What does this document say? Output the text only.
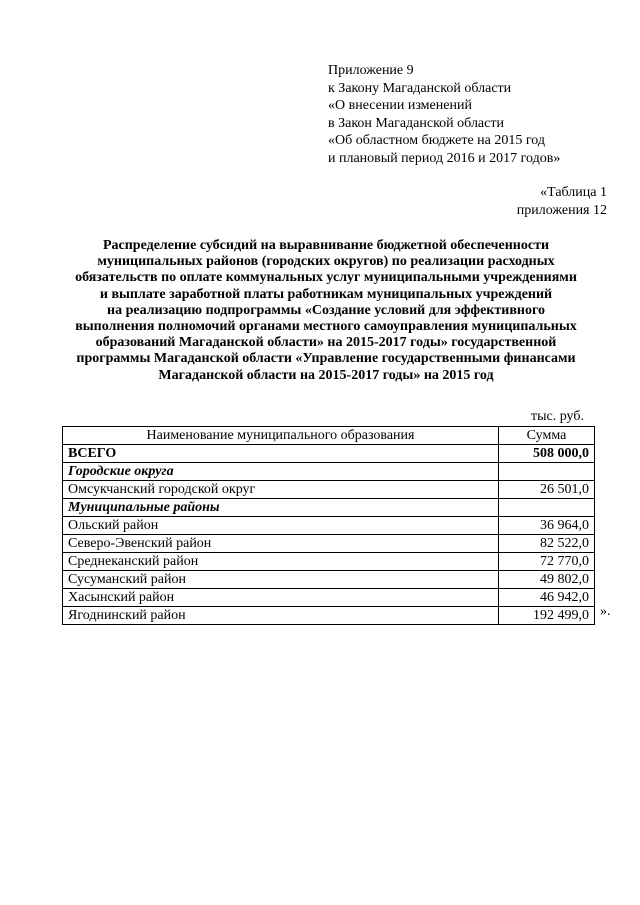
Приложение 9
к Закону Магаданской области
«О внесении изменений
в Закон Магаданской области
«Об областном бюджете на 2015 год
и плановый период 2016 и 2017 годов»
«Таблица 1
приложения 12
Распределение субсидий на выравнивание бюджетной обеспеченности
муниципальных районов (городских округов) по реализации расходных
обязательств по оплате коммунальных услуг муниципальными учреждениями
и выплате заработной платы работникам муниципальных учреждений
на реализацию подпрограммы «Создание условий для эффективного
выполнения полномочий органами местного самоуправления муниципальных
образований Магаданской области» на 2015-2017 годы» государственной
программы Магаданской области «Управление государственными финансами
Магаданской области на 2015-2017 годы» на 2015 год
тыс. руб.
Наименование муниципального образования	Сумма
ВСЕГО	508 000,0
Городские округа	
Омсукчанский городской округ	26 501,0
Муниципальные районы	
Ольский район	36 964,0
Северо-Эвенский район	82 522,0
Среднеканский район	72 770,0
Сусуманский район	49 802,0
Хасынский район	46 942,0
Ягоднинский район	192 499,0 ».
